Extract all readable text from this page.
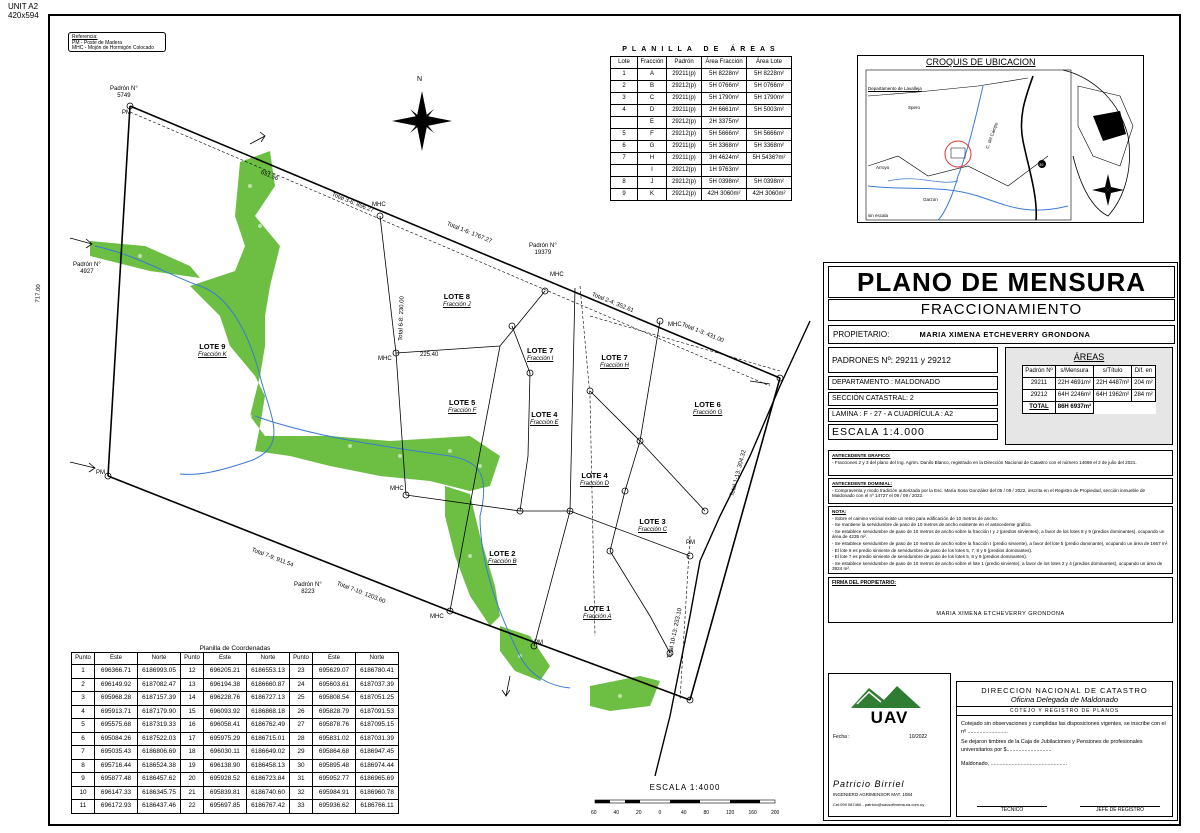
UNIT A2
420x594
Referencia:
PM - Poste de Madera
MHC - Mojón de Hormigón Colocado
N
LOTE 9
Fracción K
LOTE 8
Fracción J
LOTE 7
Fracción I	LOTE 7
Fracción H
LOTE 6
Fracción G
LOTE 5
Fracción F	LOTE 4
Fracción E
LOTE 4
Fracción D
LOTE 3
Fracción C
LOTE 2
Fracción B
LOTE 1
Fracción A
Padrón N°
5749
Padrón N°
4927
Padrón N°
19379
Padrón N°
8223
651.56
Total 3-6: 856.27
Total 1-6: 1767.27
Total 2-4: 352.61
Total 1-3: 431.00
717.00
Total 7-9: 911.54
Total 7-10: 1203.60
Total 1-13: 304.32
Total 10-13: 233.10
225.40
Total 6-8: 230.00
PM
PM
PM
PM
MHC
MHC
MHC
MHC
MHC
MHC
PLANILLA DE ÁREAS
Lote	Fracción	Padrón	Área Fracción	Área Lote
1	A	29211(p)	5H 8228m²	5H 8228m²
2	B	29212(p)	5H 0766m²	5H 0766m²
3	C	29211(p)	5H 1790m²	5H 1790m²
4	D	29211(p)	2H 6661m²	5H 5003m²
	E	29212(p)	2H 3375m²	
5	F	29212(p)	5H 5666m²	5H 5666m²
6	G	29211(p)	5H 3368m²	5H 3368m²
7	H	29211(p)	3H 4624m²	5H 5436?m²
	I	29212(p)	1H 9763m²	
8	J	29212(p)	5H 0398m²	5H 0398m²
9	K	29212(p)	42H 3060m²	42H 3060m²
CROQUIS DE UBICACION
Departamento de Lavalleja
Spero
Arroyo
Garzon
C. del Campo
39
sin escala
PLANO DE MENSURA
FRACCIONAMIENTO
PROPIETARIO:	MARIA XIMENA ETCHEVERRY GRONDONA
PADRONES Nº: 29211 y 29212
DEPARTAMENTO : MALDONADO
SECCIÓN CATASTRAL: 2
LAMINA : F - 27 - A CUADRÍCULA : A2
ESCALA 1:4.000
ÁREAS
Padrón Nº	s/Mensura	s/Título	Dif. en
29211	22H 4691m²	22H 4487m²	204 m²
29212	64H 2246m²	64H 1962m²	284 m²
TOTAL	86H 6937m²		

ANTECEDENTE GRAFICO:

- Fracciones 2 y 3 del plano del Ing. Agrim. Danilo Blanco, registrado en la Dirección Nacional de Catastro con el número 14669 el 2 de julio del 2021.

ANTECEDENTE DOMINIAL:

- Compraventa y modo tradición autorizada por la Esc. María Sosa González del 05 / 09 / 2022, inscrita en el Registro de Propiedad, sección inmueble de Maldonado con el nº 14727 el 09 / 09 / 2022.

NOTA:

- Sobre el camino vecinal existe un retiro para edificación de 10 metros de ancho.

- Se mantiene la servidumbre de paso de 10 metros de ancho existente en el antecedente gráfico.

- Se establece servidumbre de paso de 10 metros de ancho sobre la fracción I y J (predios sirvientes), a favor de los lotes 8 y 9 (predios dominantes), ocupando un área de 4235 m².

- Se establece servidumbre de paso de 10 metros de ancho sobre la fracción I (predio sirviente), a favor del lote 5 (predio dominante), ocupando un área de 1667 m².

- El lote 6 es predio sirviente de servidumbre de paso de los lotes 5, 7, 8 y 9 (predios dominantes).

- El lote 7 es predio sirviente de servidumbre de paso de los lotes 5, 8 y 9 (predios dominantes).

- Se establece servidumbre de paso de 10 metros de ancho sobre el lote 1 (predio sirviente), a favor de los lotes 2 y 4 (predios dominantes), ocupando un área de 3924 m².

FIRMA DEL PROPIETARIO:
MARIA XIMENA ETCHEVERRY GRONDONA
UAV
Fecha :	10/2022
Patricio Birriel
INGENIERO AGRIMENSOR MAT. 1084
Cel:099 087460 - patricio@uavsoftmensura.com.uy
DIRECCION NACIONAL DE CATASTRO
Oficina Delegada de Maldonado
COTEJO Y REGISTRO DE PLANOS
Cotejado sin observaciones y cumplidas las disposiciones vigentes, se inscribe con el nº ...........................
Se dejaron timbres de la Caja de Jubilaciones y Pensiones de profesionales universitarios por $..............................
Maldonado, ...................................................
TECNICO	JEFE DE REGISTRO
Planilla de Coordenadas
Punto	Este	Norte	Punto	Este	Norte	Punto	Este	Norte
1	696366.71	6186993.05	12	696205.21	6186553.13	23	695629.07	6186780.41
2	696149.92	6187082.47	13	696194.38	6186660.87	24	695603.61	6187037.39
3	695968.28	6187157.39	14	696228.76	6186727.13	25	695808.54	6187051.25
4	695913.71	6187179.90	15	696093.92	6186868.18	26	695828.79	6187091.53
5	695575.68	6187319.33	16	696058.41	6186762.49	27	695878.76	6187095.15
6	695084.26	6187522.03	17	695975.29	6186715.01	28	695831.02	6187031.39
7	695035.43	6186806.69	18	696030.11	6186649.02	29	695864.68	6186947.45
8	695716.44	6186524.38	19	696138.90	6186458.13	30	695895.48	6186974.44
9	695877.48	6186457.62	20	695928.52	6186723.84	31	695952.77	6186965.69
10	696147.33	6186345.75	21	695839.81	6186740.60	32	695984.91	6186960.78
11	696172.93	6186437.46	22	695697.85	6186767.42	33	695936.62	6186766.11
ESCALA 1:4000
60	40	20	0	40	80	120	160	200
